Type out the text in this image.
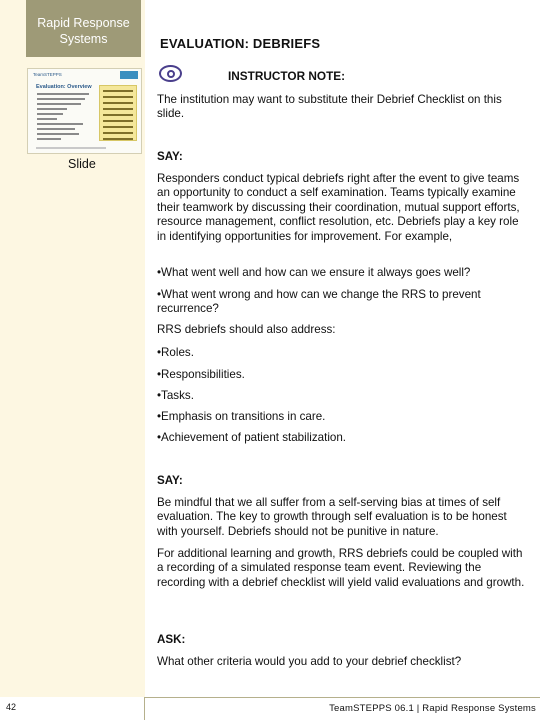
Rapid Response Systems
TeamSTEPPS
Evaluation: Overview
Slide
EVALUATION: DEBRIEFS
INSTRUCTOR NOTE:
The institution may want to substitute their Debrief Checklist on this slide.
SAY:
Responders conduct typical debriefs right after the event to give teams an opportunity to conduct a self examination. Teams typically examine their teamwork by discussing their coordination, mutual support efforts, resource management, conflict resolution, etc. Debriefs play a key role in identifying opportunities for improvement. For example,
•What went well and how can we ensure it always goes well?
•What went wrong and how can we change the RRS to prevent recurrence?
RRS debriefs should also address:
•Roles.
•Responsibilities.
•Tasks.
•Emphasis on transitions in care.
•Achievement of patient stabilization.
SAY:
Be mindful that we all suffer from a self-serving bias at times of self evaluation. The key to growth through self evaluation is to be honest with yourself. Debriefs should not be punitive in nature.
For additional learning and growth, RRS debriefs could be coupled with a recording of a simulated response team event. Reviewing the recording with a debrief checklist will yield valid evaluations and growth.
ASK:
What other criteria would you add to your debrief checklist?
42	TeamSTEPPS 06.1 | Rapid Response Systems
